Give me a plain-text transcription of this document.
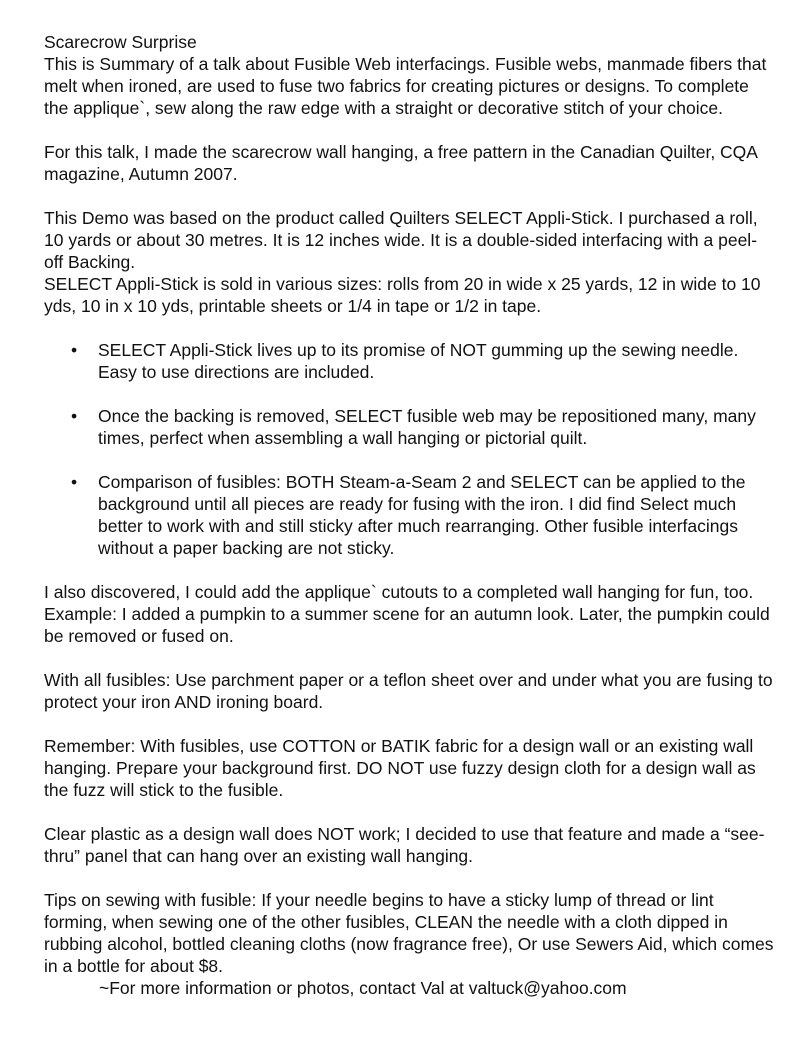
Scarecrow Surprise

This is Summary of a talk about Fusible Web interfacings. Fusible webs, manmade fibers that melt when ironed, are used to fuse two fabrics for creating pictures or designs. To complete the applique`, sew along the raw edge with a straight or decorative stitch of your choice.

For this talk, I made the scarecrow wall hanging, a free pattern in the Canadian Quilter, CQA magazine, Autumn 2007.

This Demo was based on the product called Quilters SELECT Appli-Stick. I purchased a roll, 10 yards or about 30 metres. It is 12 inches wide. It is a double-sided interfacing with a peel-off Backing.

SELECT Appli-Stick is sold in various sizes: rolls from 20 in wide x 25 yards, 12 in wide to 10 yds, 10 in x 10 yds, printable sheets or 1/4 in tape or 1/2 in tape.

• SELECT Appli-Stick lives up to its promise of NOT gumming up the sewing needle. Easy to use directions are included.
• Once the backing is removed, SELECT fusible web may be repositioned many, many times, perfect when assembling a wall hanging or pictorial quilt.
• Comparison of fusibles: BOTH Steam-a-Seam 2 and SELECT can be applied to the background until all pieces are ready for fusing with the iron. I did find Select much better to work with and still sticky after much rearranging. Other fusible interfacings without a paper backing are not sticky.

I also discovered, I could add the applique` cutouts to a completed wall hanging for fun, too. Example: I added a pumpkin to a summer scene for an autumn look. Later, the pumpkin could be removed or fused on.

With all fusibles: Use parchment paper or a teflon sheet over and under what you are fusing to protect your iron AND ironing board.

Remember: With fusibles, use COTTON or BATIK fabric for a design wall or an existing wall hanging. Prepare your background first. DO NOT use fuzzy design cloth for a design wall as the fuzz will stick to the fusible.

Clear plastic as a design wall does NOT work; I decided to use that feature and made a “see-thru” panel that can hang over an existing wall hanging.

Tips on sewing with fusible: If your needle begins to have a sticky lump of thread or lint forming, when sewing one of the other fusibles, CLEAN the needle with a cloth dipped in rubbing alcohol, bottled cleaning cloths (now fragrance free), Or use Sewers Aid, which comes in a bottle for about $8.

~For more information or photos, contact Val at valtuck@yahoo.com
